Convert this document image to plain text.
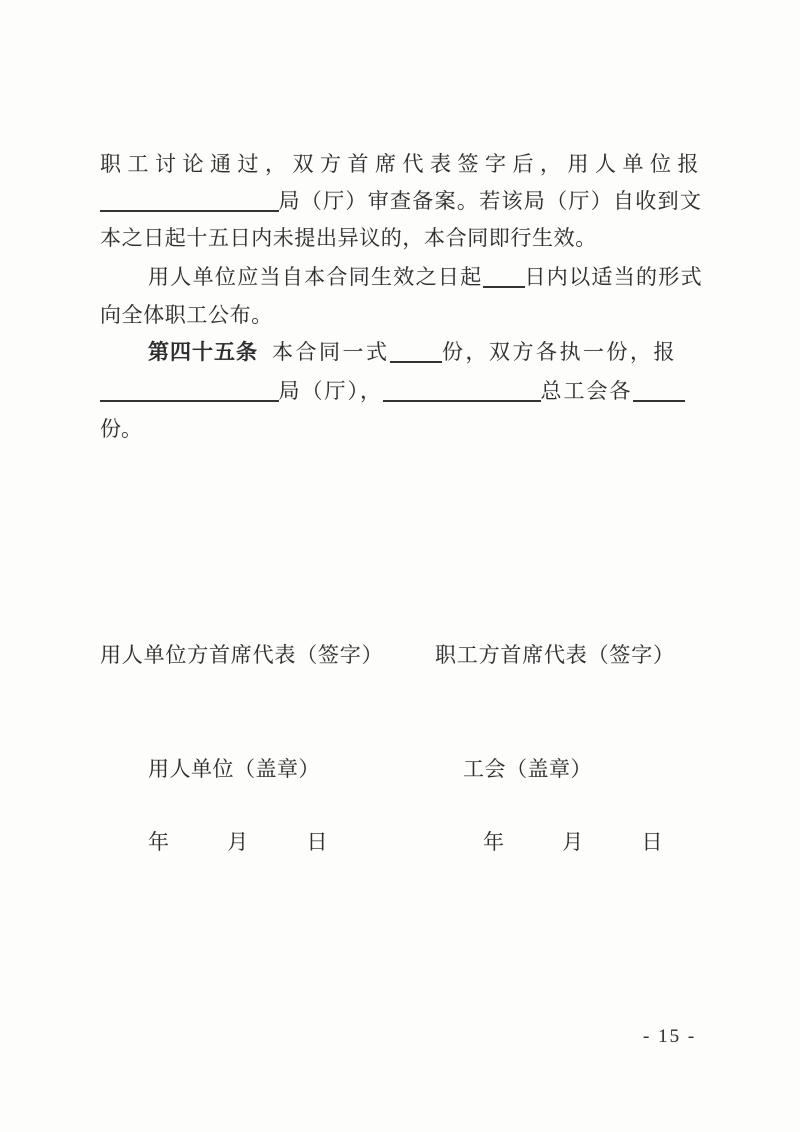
职工讨论通过，双方首席代表签字后，用人单位报
局（厅）审查备案。若该局（厅）自收到文
本之日起十五日内未提出异议的，本合同即行生效。
用人单位应当自本合同生效之日起 日内以适当的形式
向全体职工公布。
第四十五条 本合同一式	份，双方各执一份，报
局（厅），	总工会各
份。
用人单位方首席代表（签字） 职工方首席代表（签字）
用人单位（盖章）	工会（盖章）
年 月 日	年 月 日
- 15 -
